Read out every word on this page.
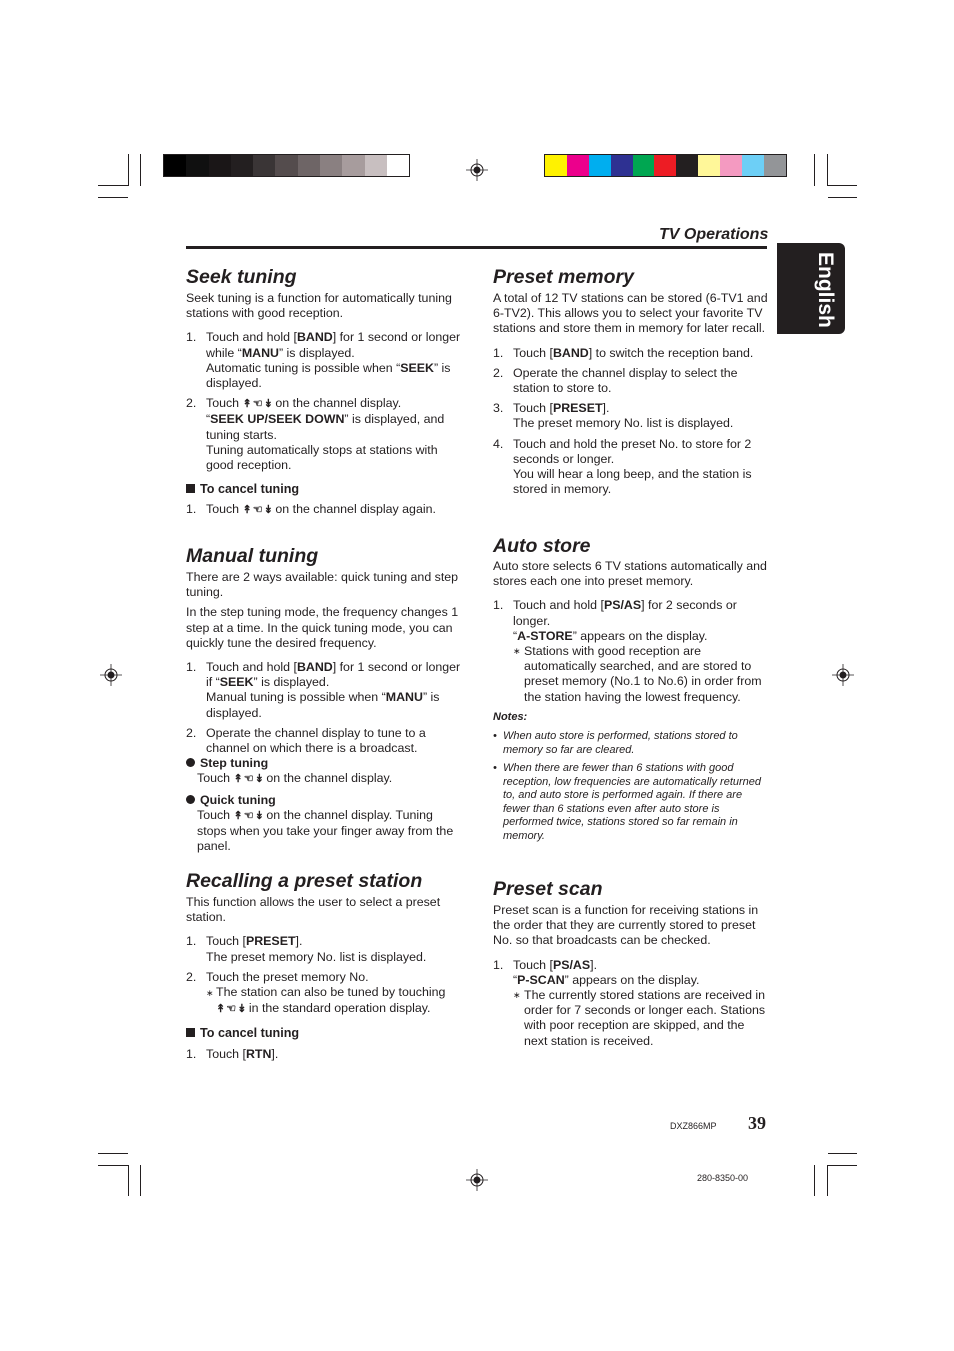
TV Operations
English
Seek tuning

Seek tuning is a function for automatically tuning stations with good reception.

1. Touch and hold [BAND] for 1 second or longer while “MANU” is displayed.

Automatic tuning is possible when “SEEK” is displayed.

2. Touch ↟ ☜ ↡ on the channel display.

“SEEK UP/SEEK DOWN” is displayed, and tuning starts.

Tuning automatically stops at stations with good reception.

To cancel tuning

1. Touch ↟ ☜ ↡ on the channel display again.

Manual tuning

There are 2 ways available: quick tuning and step tuning.

In the step tuning mode, the frequency changes 1 step at a time. In the quick tuning mode, you can quickly tune the desired frequency.

1. Touch and hold [BAND] for 1 second or longer if “SEEK” is displayed.

Manual tuning is possible when “MANU” is displayed.

2. Operate the channel display to tune to a channel on which there is a broadcast.

Step tuning

Touch ↟ ☜ ↡ on the channel display.

Quick tuning

Touch ↟ ☜ ↡ on the channel display. Tuning stops when you take your finger away from the panel.

Recalling a preset station

This function allows the user to select a preset station.

1. Touch [PRESET].

The preset memory No. list is displayed.

2. Touch the preset memory No.

∗ The station can also be tuned by touching

↟ ☜ ↡ in the standard operation display.

To cancel tuning

1. Touch [RTN].

Preset memory

A total of 12 TV stations can be stored (6-TV1 and 6-TV2). This allows you to select your favorite TV stations and store them in memory for later recall.

1. Touch [BAND] to switch the reception band.

2. Operate the channel display to select the station to store to.

3. Touch [PRESET].

The preset memory No. list is displayed.

4. Touch and hold the preset No. to store for 2 seconds or longer.

You will hear a long beep, and the station is stored in memory.

Auto store

Auto store selects 6 TV stations automatically and stores each one into preset memory.

1. Touch and hold [PS/AS] for 2 seconds or longer.

“A-STORE” appears on the display.

∗ Stations with good reception are automatically searched, and are stored to preset memory (No.1 to No.6) in order from the station having the lowest frequency.

Notes:

• When auto store is performed, stations stored to memory so far are cleared.

• When there are fewer than 6 stations with good reception, low frequencies are automatically returned to, and auto store is performed again. If there are fewer than 6 stations even after auto store is performed twice, stations stored so far remain in memory.

Preset scan

Preset scan is a function for receiving stations in the order that they are currently stored to preset No. so that broadcasts can be checked.

1. Touch [PS/AS].

“P-SCAN” appears on the display.

∗ The currently stored stations are received in order for 7 seconds or longer each. Stations with poor reception are skipped, and the next station is received.

DXZ866MP 39
280-8350-00
